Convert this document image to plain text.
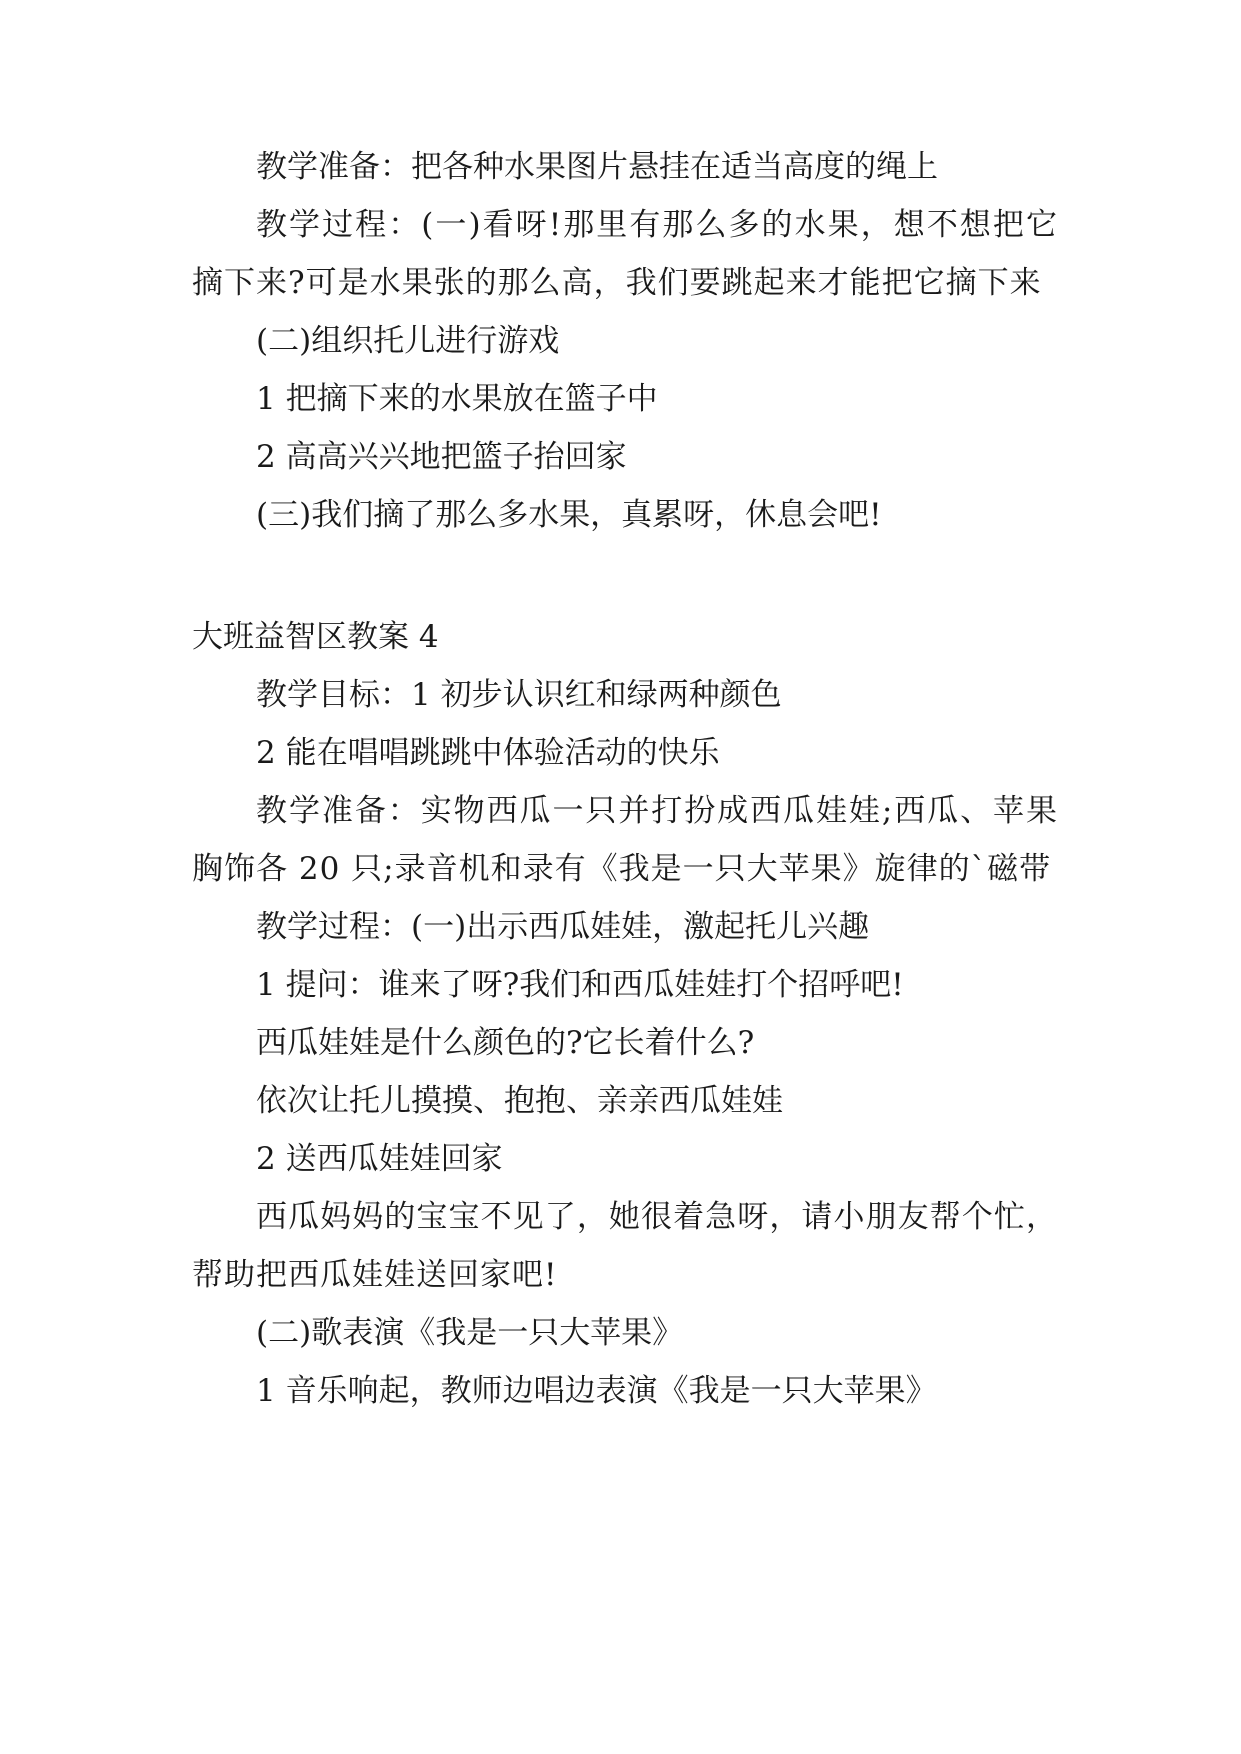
教学准备：把各种水果图片悬挂在适当高度的绳上

教学过程：(一)看呀!那里有那么多的水果，想不想把它摘下来?可是水果张的那么高，我们要跳起来才能把它摘下来

(二)组织托儿进行游戏

1 把摘下来的水果放在篮子中

2 高高兴兴地把篮子抬回家

(三)我们摘了那么多水果，真累呀，休息会吧!

大班益智区教案 4

教学目标：1 初步认识红和绿两种颜色

2 能在唱唱跳跳中体验活动的快乐

教学准备：实物西瓜一只并打扮成西瓜娃娃;西瓜、苹果胸饰各 20 只;录音机和录有《我是一只大苹果》旋律的`磁带

教学过程：(一)出示西瓜娃娃，激起托儿兴趣

1 提问：谁来了呀?我们和西瓜娃娃打个招呼吧!

西瓜娃娃是什么颜色的?它长着什么?

依次让托儿摸摸、抱抱、亲亲西瓜娃娃

2 送西瓜娃娃回家

西瓜妈妈的宝宝不见了，她很着急呀，请小朋友帮个忙，帮助把西瓜娃娃送回家吧!

(二)歌表演《我是一只大苹果》

1 音乐响起，教师边唱边表演《我是一只大苹果》
